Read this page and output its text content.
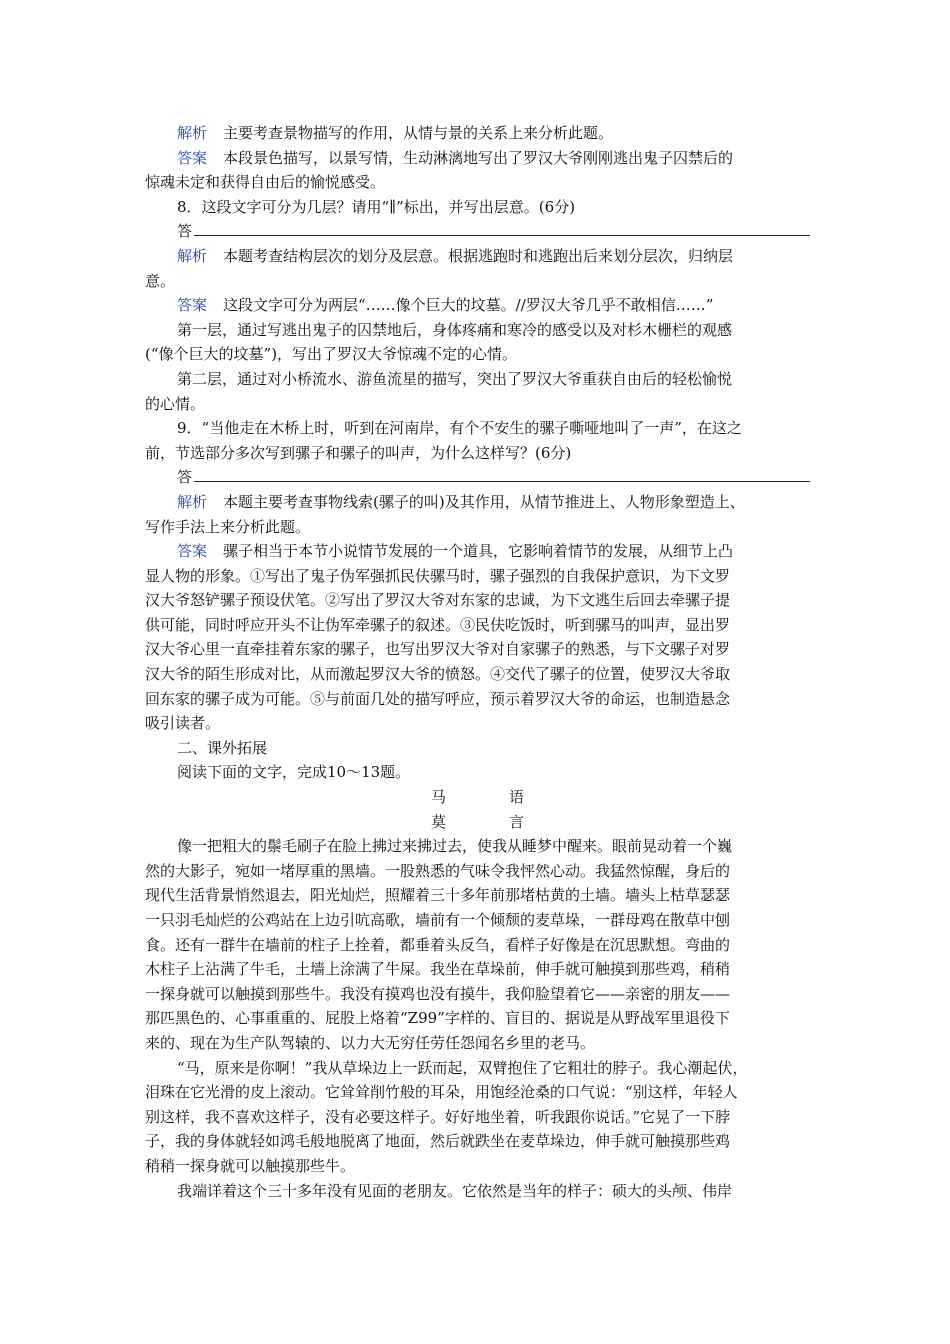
解析 主要考查景物描写的作用，从情与景的关系上来分析此题。
答案 本段景色描写，以景写情，生动淋漓地写出了罗汉大爷刚刚逃出鬼子囚禁后的
惊魂未定和获得自由后的愉悦感受。
8．这段文字可分为几层？请用“∥”标出，并写出层意。(6分)
答
解析 本题考查结构层次的划分及层意。根据逃跑时和逃跑出后来划分层次，归纳层
意。
答案 这段文字可分为两层“……像个巨大的坟墓。//罗汉大爷几乎不敢相信……”
第一层，通过写逃出鬼子的囚禁地后，身体疼痛和寒冷的感受以及对杉木栅栏的观感
(“像个巨大的坟墓”)，写出了罗汉大爷惊魂不定的心情。
第二层，通过对小桥流水、游鱼流星的描写，突出了罗汉大爷重获自由后的轻松愉悦
的心情。
9．“当他走在木桥上时，听到在河南岸，有个不安生的骡子嘶哑地叫了一声”，在这之
前，节选部分多次写到骡子和骡子的叫声，为什么这样写？(6分)
答
解析 本题主要考查事物线索(骡子的叫)及其作用，从情节推进上、人物形象塑造上、
写作手法上来分析此题。
答案 骡子相当于本节小说情节发展的一个道具，它影响着情节的发展，从细节上凸
显人物的形象。①写出了鬼子伪军强抓民伕骡马时，骡子强烈的自我保护意识，为下文罗
汉大爷怒铲骡子预设伏笔。②写出了罗汉大爷对东家的忠诚，为下文逃生后回去牵骡子提
供可能，同时呼应开头不让伪军牵骡子的叙述。③民伕吃饭时，听到骡马的叫声，显出罗
汉大爷心里一直牵挂着东家的骡子，也写出罗汉大爷对自家骡子的熟悉，与下文骡子对罗
汉大爷的陌生形成对比，从而激起罗汉大爷的愤怒。④交代了骡子的位置，使罗汉大爷取
回东家的骡子成为可能。⑤与前面几处的描写呼应，预示着罗汉大爷的命运，也制造悬念
吸引读者。
二、课外拓展
阅读下面的文字，完成10～13题。
马　语
莫　言
像一把粗大的鬃毛刷子在脸上拂过来拂过去，使我从睡梦中醒来。眼前晃动着一个巍
然的大影子，宛如一堵厚重的黑墙。一股熟悉的气味令我怦然心动。我猛然惊醒，身后的
现代生活背景悄然退去，阳光灿烂，照耀着三十多年前那堵枯黄的土墙。墙头上枯草瑟瑟
一只羽毛灿烂的公鸡站在上边引吭高歌，墙前有一个倾颓的麦草垛，一群母鸡在散草中刨
食。还有一群牛在墙前的柱子上拴着，都垂着头反刍，看样子好像是在沉思默想。弯曲的
木柱子上沾满了牛毛，土墙上涂满了牛屎。我坐在草垛前，伸手就可触摸到那些鸡，稍稍
一探身就可以触摸到那些牛。我没有摸鸡也没有摸牛，我仰脸望着它——亲密的朋友——
那匹黑色的、心事重重的、屁股上烙着“Z99”字样的、盲目的、据说是从野战军里退役下
来的、现在为生产队驾辕的、以力大无穷任劳任怨闻名乡里的老马。
“马，原来是你啊！”我从草垛边上一跃而起，双臂抱住了它粗壮的脖子。我心潮起伏，
泪珠在它光滑的皮上滚动。它耸耸削竹般的耳朵，用饱经沧桑的口气说：“别这样，年轻人
别这样，我不喜欢这样子，没有必要这样子。好好地坐着，听我跟你说话。”它晃了一下脖
子，我的身体就轻如鸿毛般地脱离了地面，然后就跌坐在麦草垛边，伸手就可触摸那些鸡
稍稍一探身就可以触摸那些牛。
我端详着这个三十多年没有见面的老朋友。它依然是当年的样子：硕大的头颅、伟岸
